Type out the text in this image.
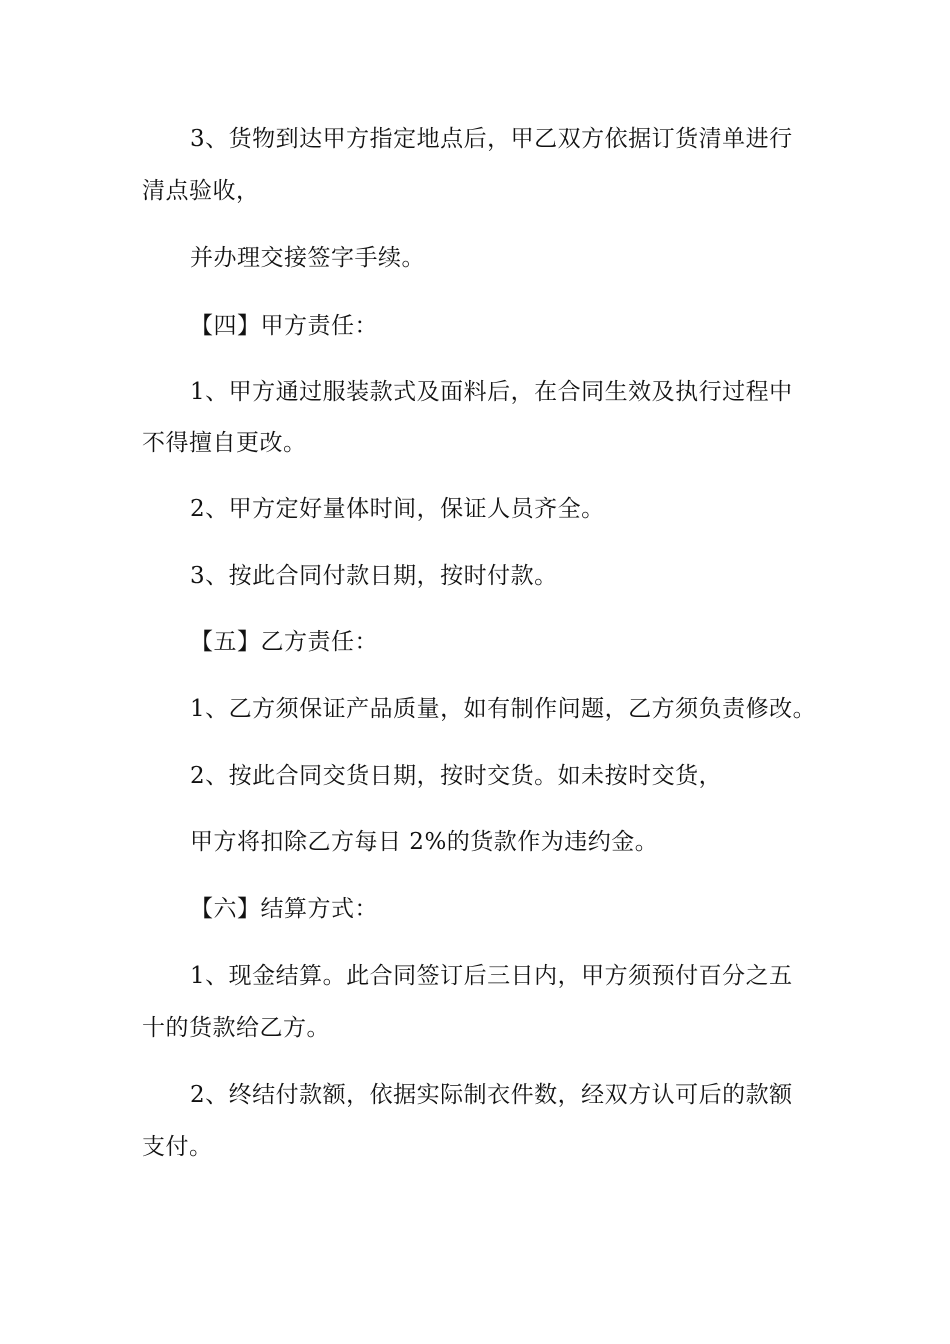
3、货物到达甲方指定地点后，甲乙双方依据订货清单进行

清点验收，

并办理交接签字手续。

【四】甲方责任：

1、甲方通过服装款式及面料后，在合同生效及执行过程中

不得擅自更改。

2、甲方定好量体时间，保证人员齐全。

3、按此合同付款日期，按时付款。

【五】乙方责任：

1、乙方须保证产品质量，如有制作问题，乙方须负责修改。

2、按此合同交货日期，按时交货。如未按时交货，

甲方将扣除乙方每日 2%的货款作为违约金。

【六】结算方式：

1、现金结算。此合同签订后三日内，甲方须预付百分之五

十的货款给乙方。

2、终结付款额，依据实际制衣件数，经双方认可后的款额

支付。
